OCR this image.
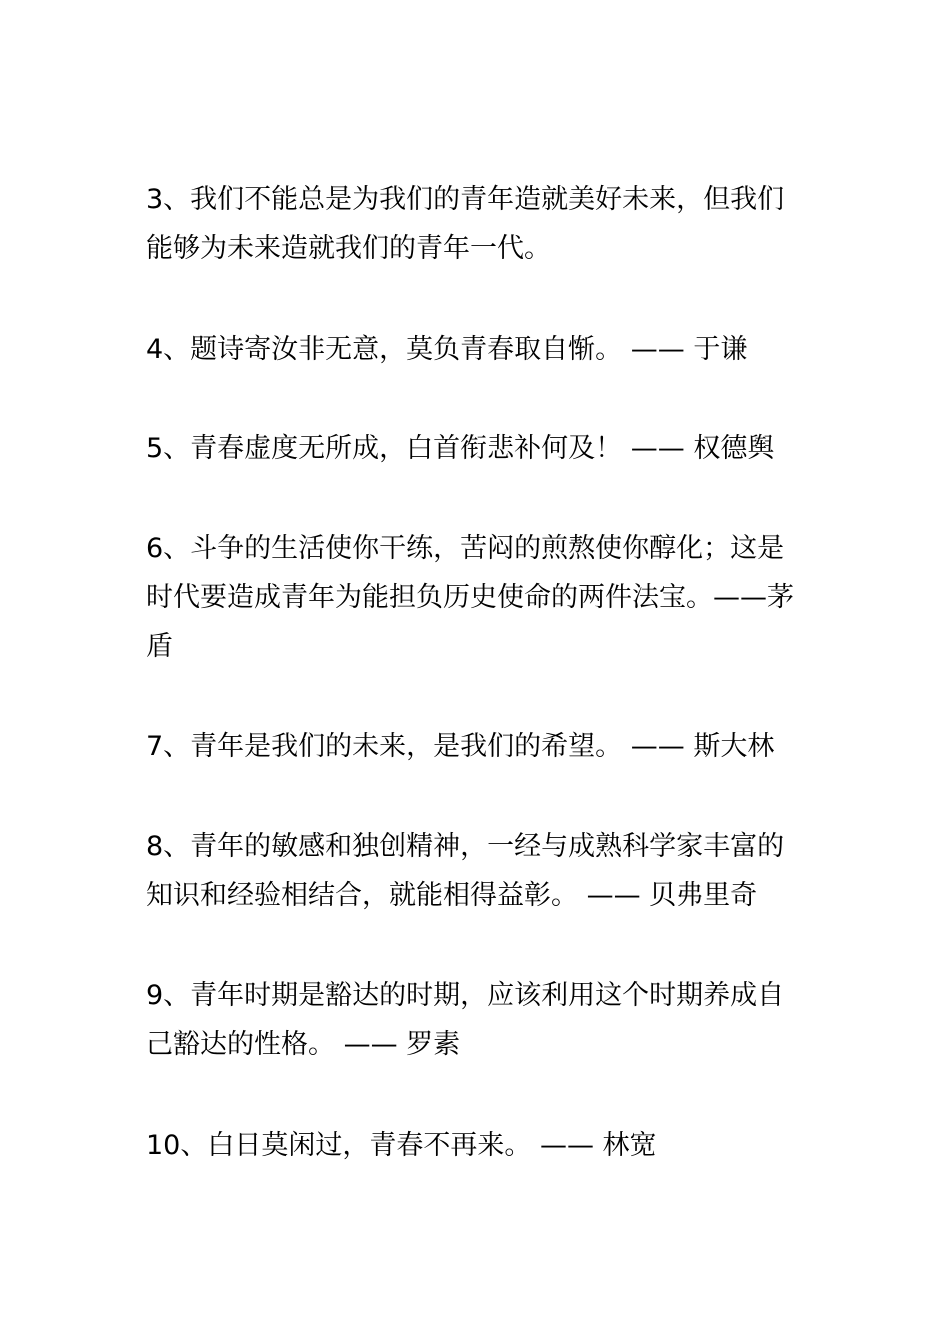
3、我们不能总是为我们的青年造就美好未来，但我们能够为未来造就我们的青年一代。

4、题诗寄汝非无意，莫负青春取自惭。 —— 于谦

5、青春虚度无所成，白首衔悲补何及！ —— 权德舆

6、斗争的生活使你干练，苦闷的煎熬使你醇化；这是时代要造成青年为能担负历史使命的两件法宝。——茅盾

7、青年是我们的未来，是我们的希望。 —— 斯大林

8、青年的敏感和独创精神，一经与成熟科学家丰富的知识和经验相结合，就能相得益彰。 —— 贝弗里奇

9、青年时期是豁达的时期，应该利用这个时期养成自己豁达的性格。 —— 罗素

10、白日莫闲过，青春不再来。 —— 林宽
